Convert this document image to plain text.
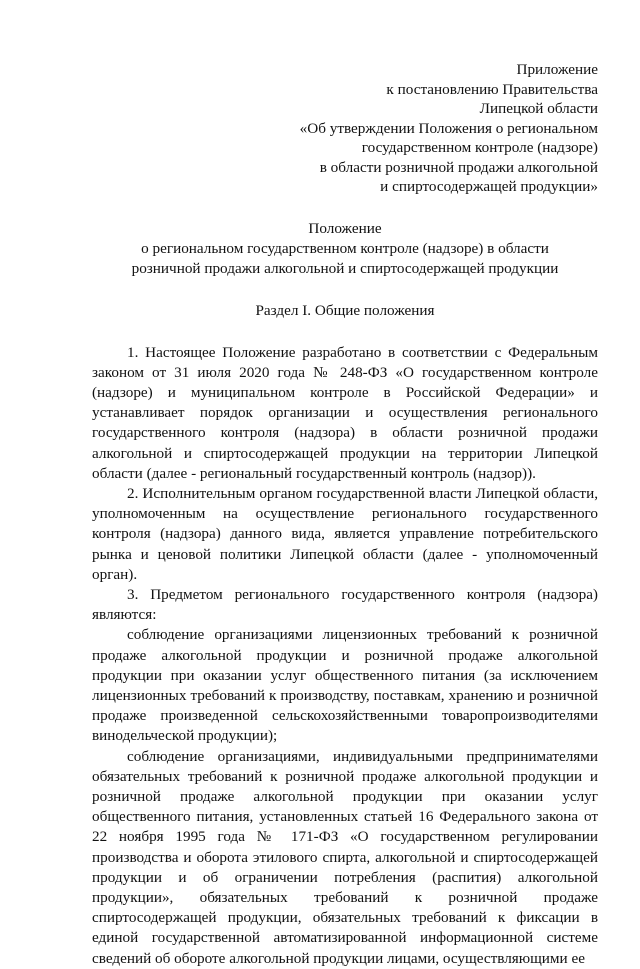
Приложение
к постановлению Правительства
Липецкой области
«Об утверждении Положения о региональном
государственном контроле (надзоре)
в области розничной продажи алкогольной
и спиртосодержащей продукции»
Положение
о региональном государственном контроле (надзоре) в области
розничной продажи алкогольной и спиртосодержащей продукции
Раздел I. Общие положения

1. Настоящее Положение разработано в соответствии с Федеральным законом от 31 июля 2020 года № 248-ФЗ «О государственном контроле (надзоре) и муниципальном контроле в Российской Федерации» и устанавливает порядок организации и осуществления регионального государственного контроля (надзора) в области розничной продажи алкогольной и спиртосодержащей продукции на территории Липецкой области (далее - региональный государственный контроль (надзор)).

2. Исполнительным органом государственной власти Липецкой области, уполномоченным на осуществление регионального государственного контроля (надзора) данного вида, является управление потребительского рынка и ценовой политики Липецкой области (далее - уполномоченный орган).

3. Предметом регионального государственного контроля (надзора) являются:

соблюдение организациями лицензионных требований к розничной продаже алкогольной продукции и розничной продаже алкогольной продукции при оказании услуг общественного питания (за исключением лицензионных требований к производству, поставкам, хранению и розничной продаже произведенной сельскохозяйственными товаропроизводителями винодельческой продукции);

соблюдение организациями, индивидуальными предпринимателями обязательных требований к розничной продаже алкогольной продукции и розничной продаже алкогольной продукции при оказании услуг общественного питания, установленных статьей 16 Федерального закона от 22 ноября 1995 года № 171-ФЗ «О государственном регулировании производства и оборота этилового спирта, алкогольной и спиртосодержащей продукции и об ограничении потребления (распития) алкогольной продукции», обязательных требований к розничной продаже спиртосодержащей продукции, обязательных требований к фиксации в единой государственной автоматизированной информационной системе сведений об обороте алкогольной продукции лицами, осуществляющими ее
